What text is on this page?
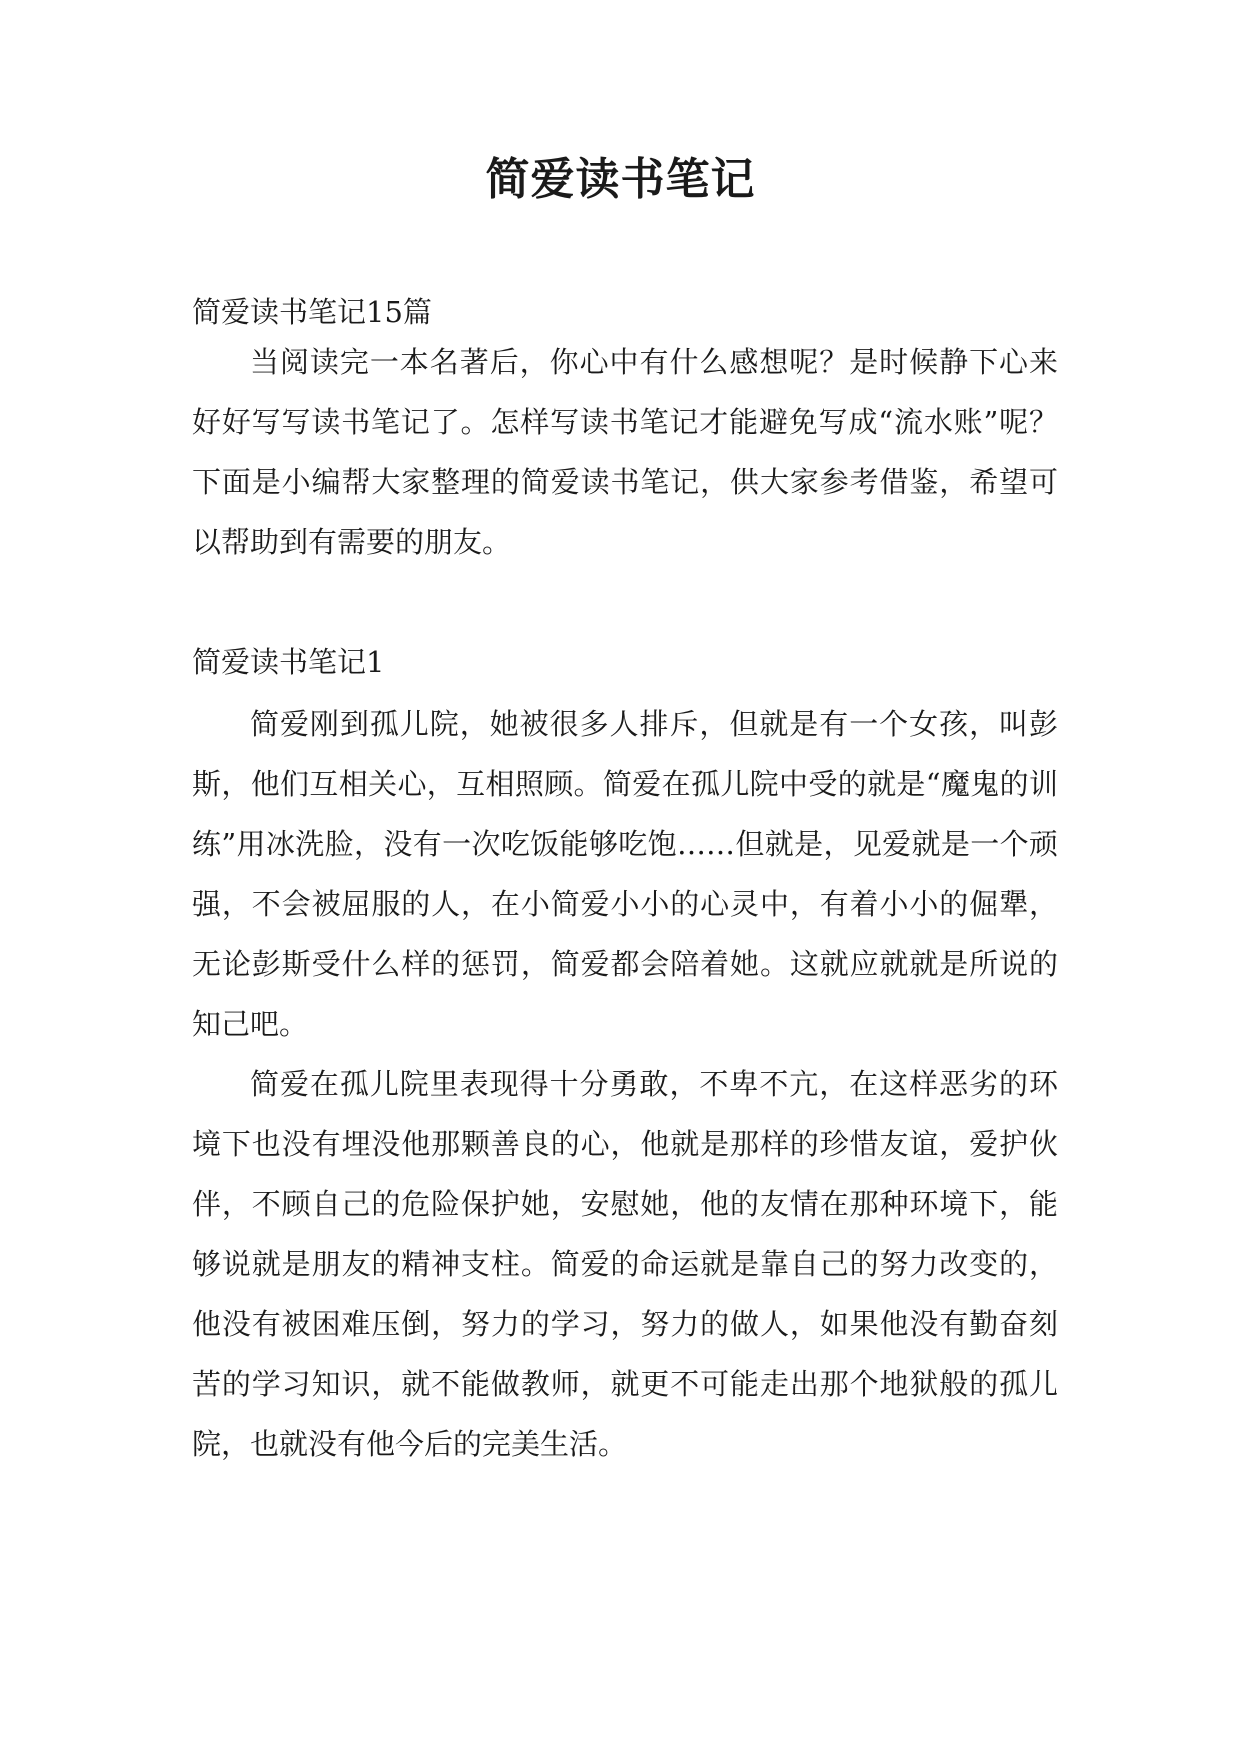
简爱读书笔记

简爱读书笔记15篇

当阅读完一本名著后，你心中有什么感想呢？是时候静下心来好好写写读书笔记了。怎样写读书笔记才能避免写成“流水账”呢？下面是小编帮大家整理的简爱读书笔记，供大家参考借鉴，希望可以帮助到有需要的朋友。

简爱读书笔记1

简爱刚到孤儿院，她被很多人排斥，但就是有一个女孩，叫彭斯，他们互相关心，互相照顾。简爱在孤儿院中受的就是“魔鬼的训练”用冰洗脸，没有一次吃饭能够吃饱……但就是，见爱就是一个顽强，不会被屈服的人，在小简爱小小的心灵中，有着小小的倔犟，无论彭斯受什么样的惩罚，简爱都会陪着她。这就应就就是所说的知己吧。

简爱在孤儿院里表现得十分勇敢，不卑不亢，在这样恶劣的环境下也没有埋没他那颗善良的心，他就是那样的珍惜友谊，爱护伙伴，不顾自己的危险保护她，安慰她，他的友情在那种环境下，能够说就是朋友的精神支柱。简爱的命运就是靠自己的努力改变的，他没有被困难压倒，努力的学习，努力的做人，如果他没有勤奋刻苦的学习知识，就不能做教师，就更不可能走出那个地狱般的孤儿院，也就没有他今后的完美生活。
